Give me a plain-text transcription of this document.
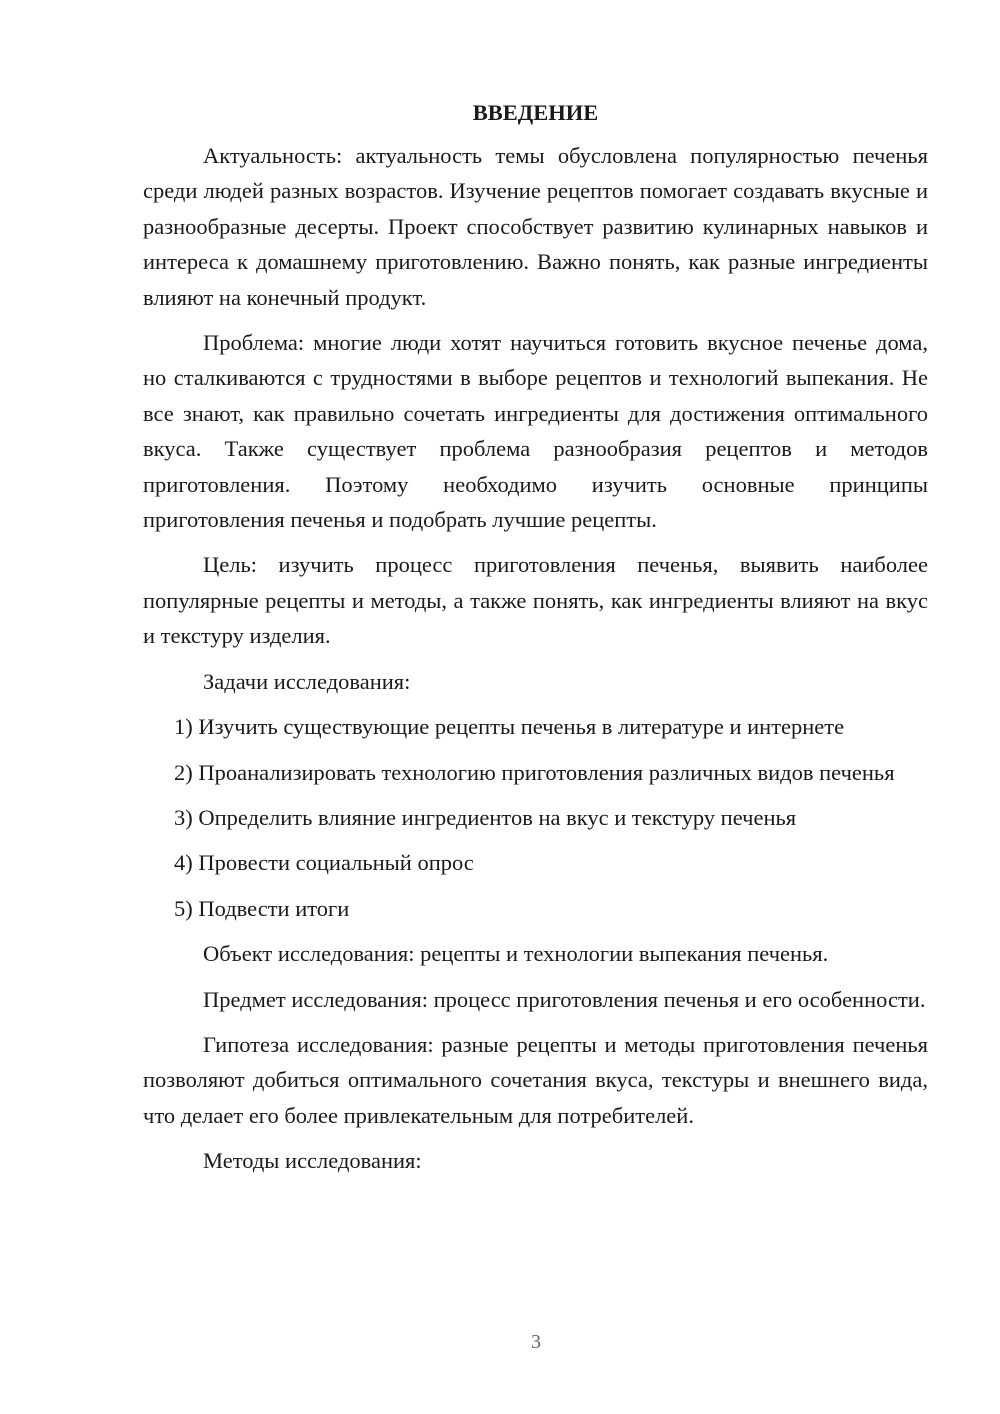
ВВЕДЕНИЕ

Актуальность: актуальность темы обусловлена популярностью печенья среди людей разных возрастов. Изучение рецептов помогает создавать вкусные и разнообразные десерты. Проект способствует развитию кулинарных навыков и интереса к домашнему приготовлению. Важно понять, как разные ингредиенты влияют на конечный продукт.

Проблема: многие люди хотят научиться готовить вкусное печенье дома, но сталкиваются с трудностями в выборе рецептов и технологий выпекания. Не все знают, как правильно сочетать ингредиенты для достижения оптимального вкуса. Также существует проблема разнообразия рецептов и методов приготовления. Поэтому необходимо изучить основные принципы приготовления печенья и подобрать лучшие рецепты.

Цель: изучить процесс приготовления печенья, выявить наиболее популярные рецепты и методы, а также понять, как ингредиенты влияют на вкус и текстуру изделия.

Задачи исследования:

1) Изучить существующие рецепты печенья в литературе и интернете

2) Проанализировать технологию приготовления различных видов печенья

3) Определить влияние ингредиентов на вкус и текстуру печенья

4) Провести социальный опрос

5) Подвести итоги

Объект исследования: рецепты и технологии выпекания печенья.

Предмет исследования: процесс приготовления печенья и его особенности.

Гипотеза исследования: разные рецепты и методы приготовления печенья позволяют добиться оптимального сочетания вкуса, текстуры и внешнего вида, что делает его более привлекательным для потребителей.

Методы исследования:

3
